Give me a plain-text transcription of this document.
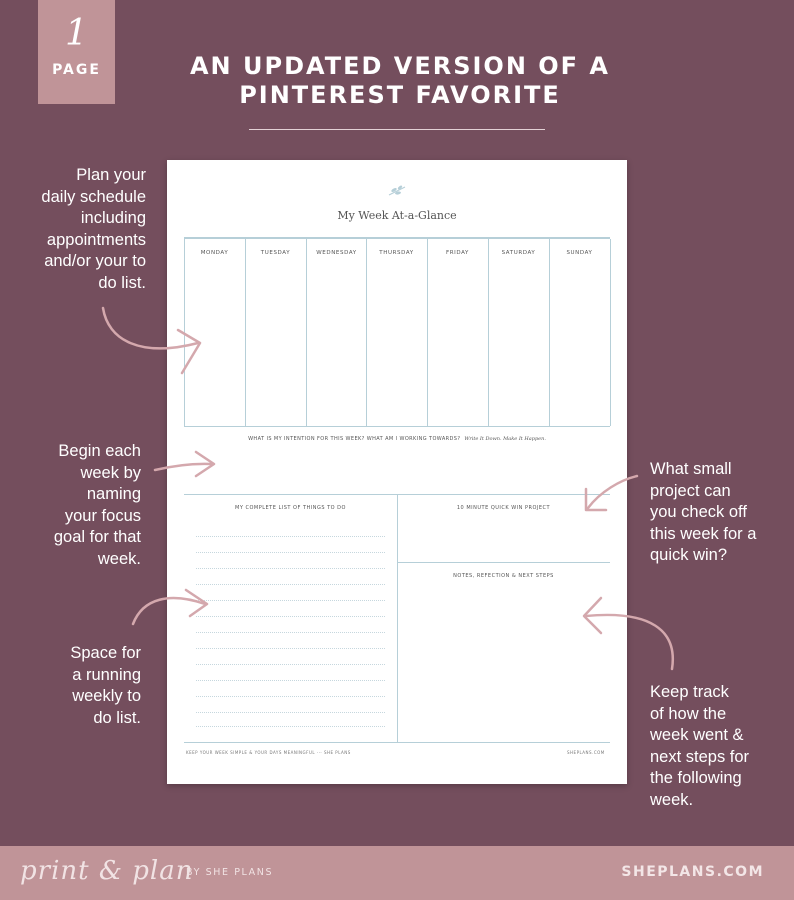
1
PAGE	AN UPDATED VERSION OF A
PINTEREST FAVORITE
Plan your
daily schedule
including
appointments
and/or your to
do list.
Begin each
week by
naming
your focus
goal for that
week.
Space for
a running
weekly to
do list.
What small
project can
you check off
this week for a
quick win?
Keep track
of how the
week went &
next steps for
the following
week.
My Week At-a-Glance
MONDAY	TUESDAY	WEDNESDAY	THURSDAY	FRIDAY	SATURDAY	SUNDAY
WHAT IS MY INTENTION FOR THIS WEEK? WHAT AM I WORKING TOWARDS? Write It Down. Make It Happen.
MY COMPLETE LIST OF THINGS TO DO	10 MINUTE QUICK WIN PROJECT
NOTES, REFECTION & NEXT STEPS
KEEP YOUR WEEK SIMPLE & YOUR DAYS MEANINGFUL ··· SHE PLANS	SHEPLANS.COM
print & plan
BY SHE PLANS	SHEPLANS.COM
